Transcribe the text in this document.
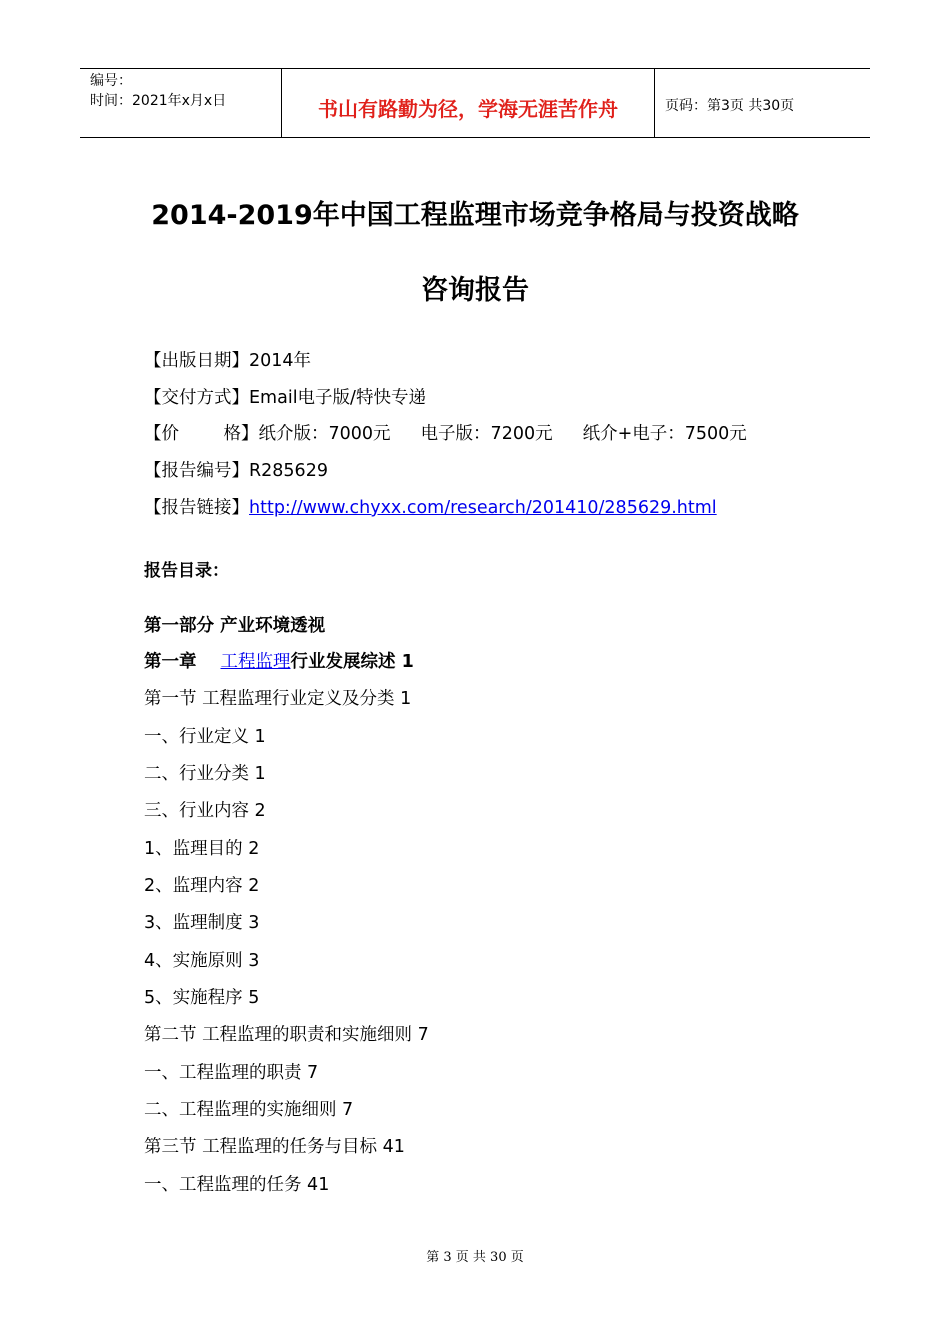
编号：
时间：2021年x月x日	书山有路勤为径，学海无涯苦作舟	页码：第3页 共30页
2014-2019年中国工程监理市场竞争格局与投资战略
咨询报告
【出版日期】2014年
【交付方式】Email电子版/特快专递
【价        格】纸介版：7000元 电子版：7200元 纸介+电子：7500元
【报告编号】R285629
【报告链接】http://www.chyxx.com/research/201410/285629.html
报告目录：
第一部分 产业环境透视
第一章 工程监理行业发展综述 1
第一节 工程监理行业定义及分类 1
一、行业定义 1
二、行业分类 1
三、行业内容 2
1、监理目的 2
2、监理内容 2
3、监理制度 3
4、实施原则 3
5、实施程序 5
第二节 工程监理的职责和实施细则 7
一、工程监理的职责 7
二、工程监理的实施细则 7
第三节 工程监理的任务与目标 41
一、工程监理的任务 41
第 3 页 共 30 页
